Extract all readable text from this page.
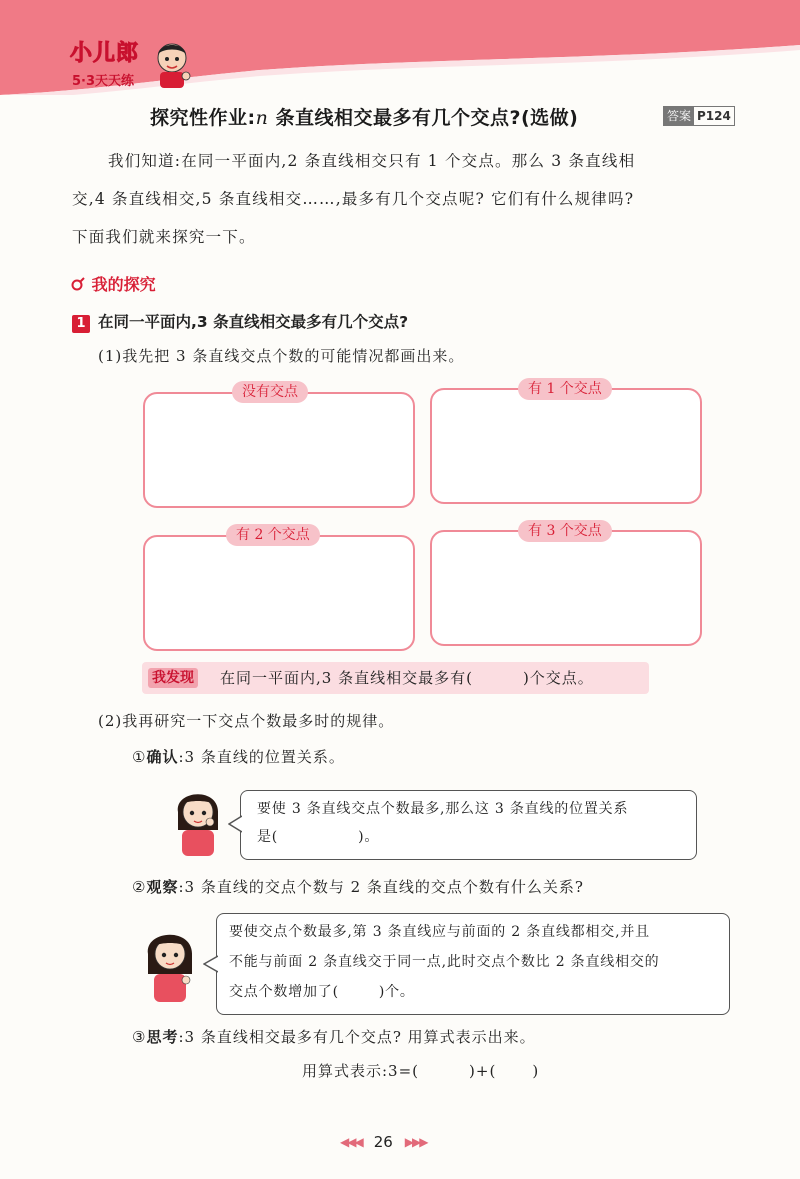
小儿郎
5·3天天练
探究性作业:n 条直线相交最多有几个交点?(选做)	答案 P124
我们知道:在同一平面内,2 条直线相交只有 1 个交点。那么 3 条直线相
交,4 条直线相交,5 条直线相交……,最多有几个交点呢? 它们有什么规律吗?
下面我们就来探究一下。
我的探究
1 在同一平面内,3 条直线相交最多有几个交点?
(1)我先把 3 条直线交点个数的可能情况都画出来。
没有交点	有 1 个交点
有 2 个交点	有 3 个交点
我发现 在同一平面内,3 条直线相交最多有(	)个交点。
(2)我再研究一下交点个数最多时的规律。
①确认:3 条直线的位置关系。
要使 3 条直线交点个数最多,那么这 3 条直线的位置关系
是(	)。
②观察:3 条直线的交点个数与 2 条直线的交点个数有什么关系?
要使交点个数最多,第 3 条直线应与前面的 2 条直线都相交,并且
不能与前面 2 条直线交于同一点,此时交点个数比 2 条直线相交的
交点个数增加了(	)个。
③思考:3 条直线相交最多有几个交点? 用算式表示出来。
用算式表示:3=(	)+( )
◀◀◀ 26 ▶▶▶
